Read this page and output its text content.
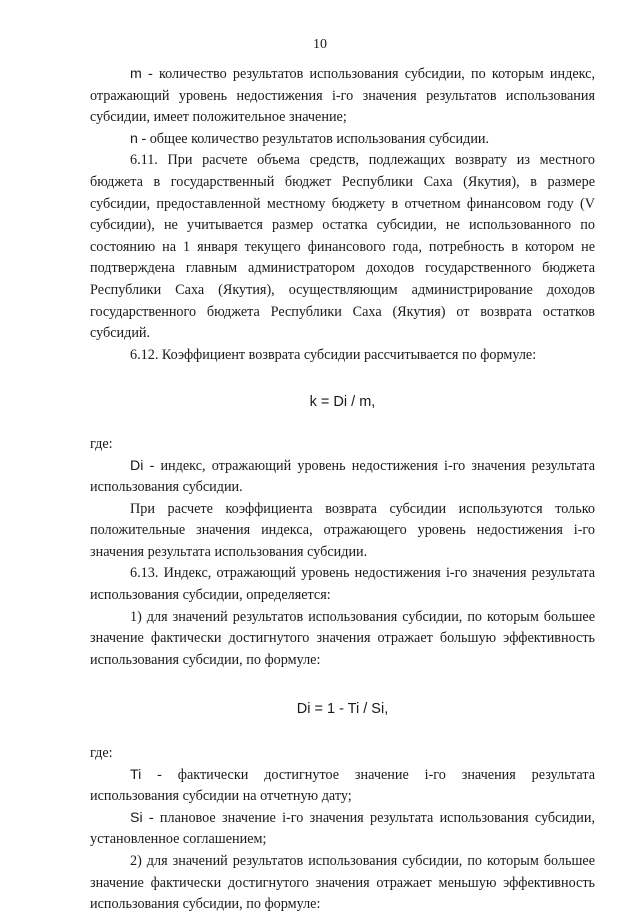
10

m - количество результатов использования субсидии, по которым индекс, отражающий уровень недостижения i-го значения результатов использования субсидии, имеет положительное значение;

n - общее количество результатов использования субсидии.

6.11. При расчете объема средств, подлежащих возврату из местного бюджета в государственный бюджет Республики Саха (Якутия), в размере субсидии, предоставленной местному бюджету в отчетном финансовом году (V субсидии), не учитывается размер остатка субсидии, не использованного по состоянию на 1 января текущего финансового года, потребность в котором не подтверждена главным администратором доходов государственного бюджета Республики Саха (Якутия), осуществляющим администрирование доходов государственного бюджета Республики Саха (Якутия) от возврата остатков субсидий.

6.12. Коэффициент возврата субсидии рассчитывается по формуле:

k = Di / m,

где:

Di - индекс, отражающий уровень недостижения i-го значения результата использования субсидии.

При расчете коэффициента возврата субсидии используются только положительные значения индекса, отражающего уровень недостижения i-го значения результата использования субсидии.

6.13. Индекс, отражающий уровень недостижения i-го значения результата использования субсидии, определяется:

1) для значений результатов использования субсидии, по которым большее значение фактически достигнутого значения отражает большую эффективность использования субсидии, по формуле:

Di = 1 - Ti / Si,

где:

Ti - фактически достигнутое значение i-го значения результата использования субсидии на отчетную дату;

Si - плановое значение i-го значения результата использования субсидии, установленное соглашением;

2) для значений результатов использования субсидии, по которым большее значение фактически достигнутого значения отражает меньшую эффективность использования субсидии, по формуле:
